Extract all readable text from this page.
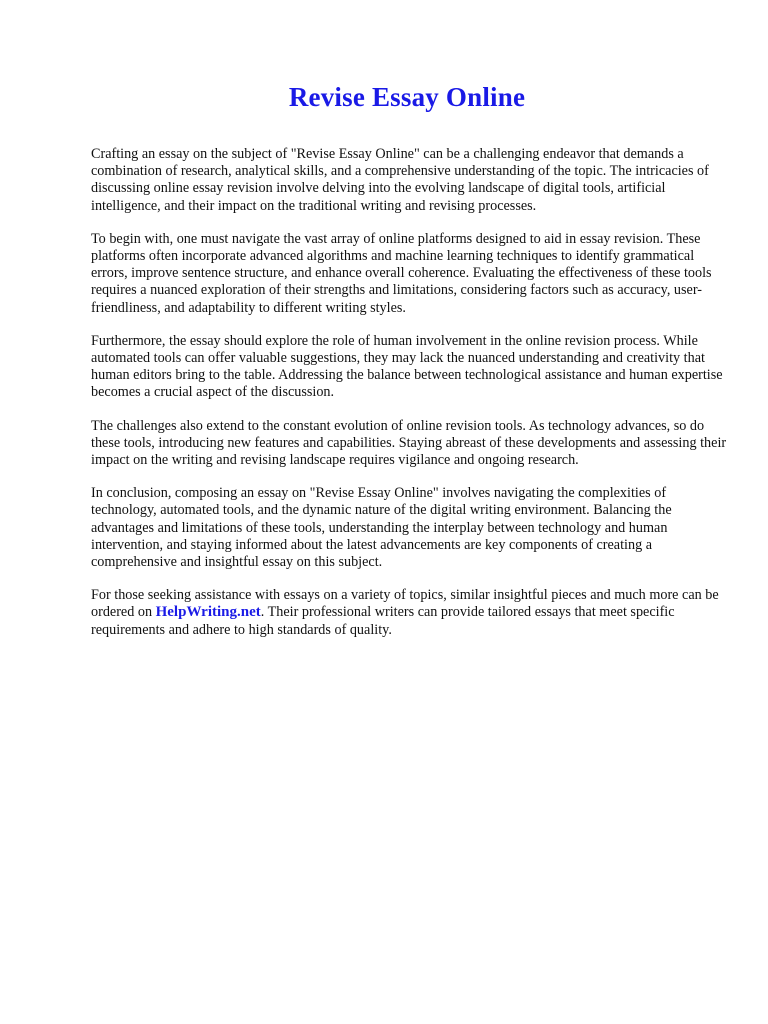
Revise Essay Online

Crafting an essay on the subject of "Revise Essay Online" can be a challenging endeavor that demands a combination of research, analytical skills, and a comprehensive understanding of the topic. The intricacies of discussing online essay revision involve delving into the evolving landscape of digital tools, artificial intelligence, and their impact on the traditional writing and revising processes.

To begin with, one must navigate the vast array of online platforms designed to aid in essay revision. These platforms often incorporate advanced algorithms and machine learning techniques to identify grammatical errors, improve sentence structure, and enhance overall coherence. Evaluating the effectiveness of these tools requires a nuanced exploration of their strengths and limitations, considering factors such as accuracy, user-friendliness, and adaptability to different writing styles.

Furthermore, the essay should explore the role of human involvement in the online revision process. While automated tools can offer valuable suggestions, they may lack the nuanced understanding and creativity that human editors bring to the table. Addressing the balance between technological assistance and human expertise becomes a crucial aspect of the discussion.

The challenges also extend to the constant evolution of online revision tools. As technology advances, so do these tools, introducing new features and capabilities. Staying abreast of these developments and assessing their impact on the writing and revising landscape requires vigilance and ongoing research.

In conclusion, composing an essay on "Revise Essay Online" involves navigating the complexities of technology, automated tools, and the dynamic nature of the digital writing environment. Balancing the advantages and limitations of these tools, understanding the interplay between technology and human intervention, and staying informed about the latest advancements are key components of creating a comprehensive and insightful essay on this subject.

For those seeking assistance with essays on a variety of topics, similar insightful pieces and much more can be ordered on HelpWriting.net. Their professional writers can provide tailored essays that meet specific requirements and adhere to high standards of quality.
